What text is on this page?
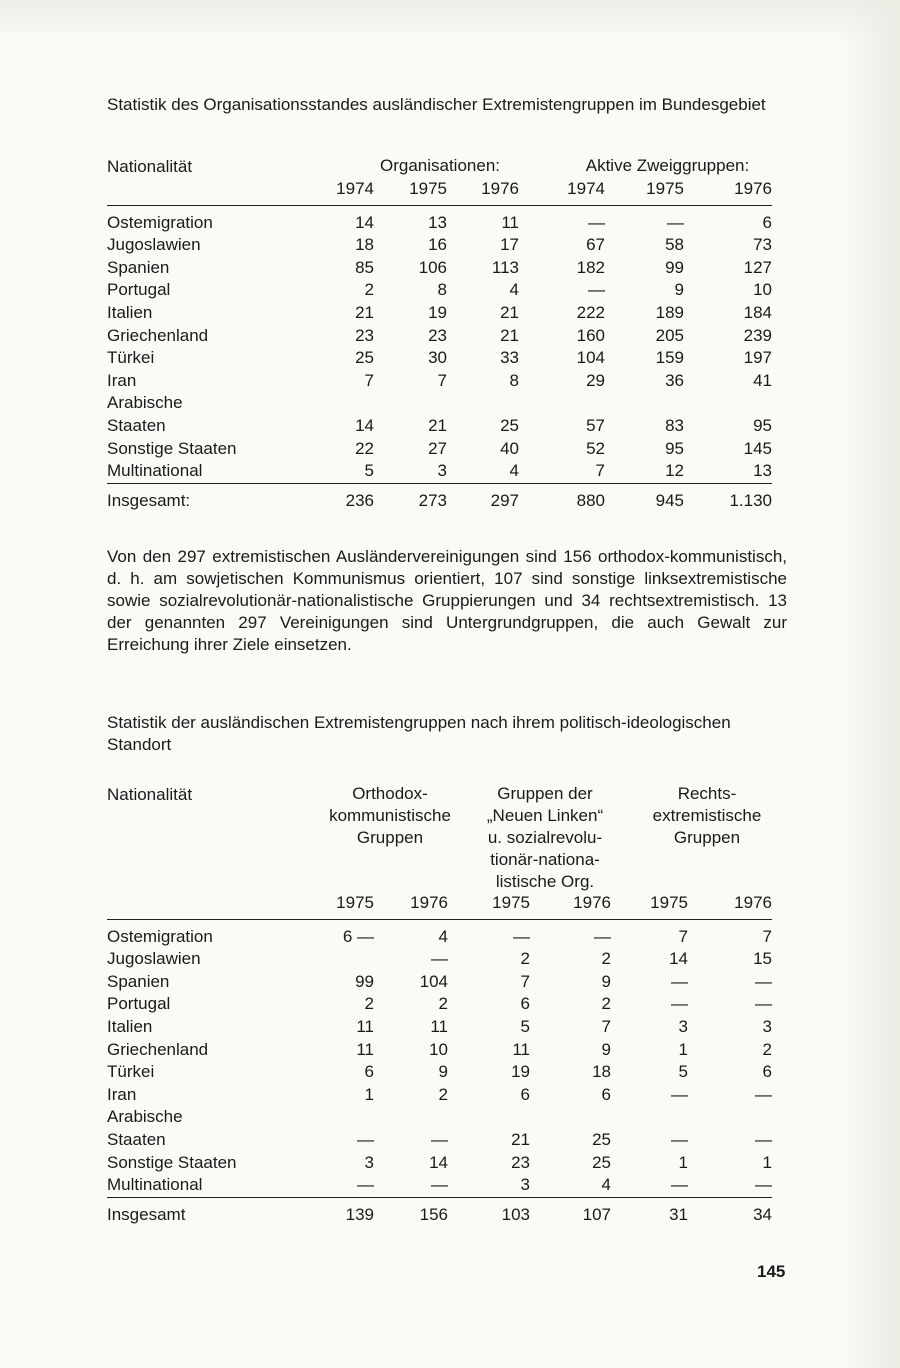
Statistik des Organisationsstandes ausländischer Extremistengruppen im Bundesgebiet
Nationalität	Organisationen:	Aktive Zweiggruppen:
	1974	1975	1976	1974	1975	1976
Ostemigration	14	13	11	—	—	6
Jugoslawien	18	16	17	67	58	73
Spanien	85	106	113	182	99	127
Portugal	2	8	4	—	9	10
Italien	21	19	21	222	189	184
Griechenland	23	23	21	160	205	239
Türkei	25	30	33	104	159	197
Iran	7	7	8	29	36	41
Arabische						
Staaten	14	21	25	57	83	95
Sonstige Staaten	22	27	40	52	95	145
Multinational	5	3	4	7	12	13
Insgesamt:	236	273	297	880	945	1.130
Von den 297 extremistischen Ausländervereinigungen sind 156 orthodox-kommunistisch, d. h. am sowjetischen Kommunismus orientiert, 107 sind sonstige linksextremistische sowie sozialrevolutionär-nationalistische Gruppierungen und 34 rechtsextremistisch. 13 der genannten 297 Vereinigungen sind Untergrundgruppen, die auch Gewalt zur Erreichung ihrer Ziele einsetzen.
Statistik der ausländischen Extremistengruppen nach ihrem politisch-ideologischen Standort
Nationalität	Orthodox-
kommunistische
Gruppen
Gruppen der
„Neuen Linken“
u. sozialrevolu-
tionär-nationa-
listische Org.
Rechts-
extremistische
Gruppen
	1975	1976	1975	1976	1975	1976
Ostemigration	6 —	4	—	—	7	7
Jugoslawien		—	2	2	14	15
Spanien	99	104	7	9	—	—
Portugal	2	2	6	2	—	—
Italien	11	11	5	7	3	3
Griechenland	11	10	11	9	1	2
Türkei	6	9	19	18	5	6
Iran	1	2	6	6	—	—
Arabische						
Staaten	—	—	21	25	—	—
Sonstige Staaten	3	14	23	25	1	1
Multinational	—	—	3	4	—	—
Insgesamt	139	156	103	107	31	34
145
